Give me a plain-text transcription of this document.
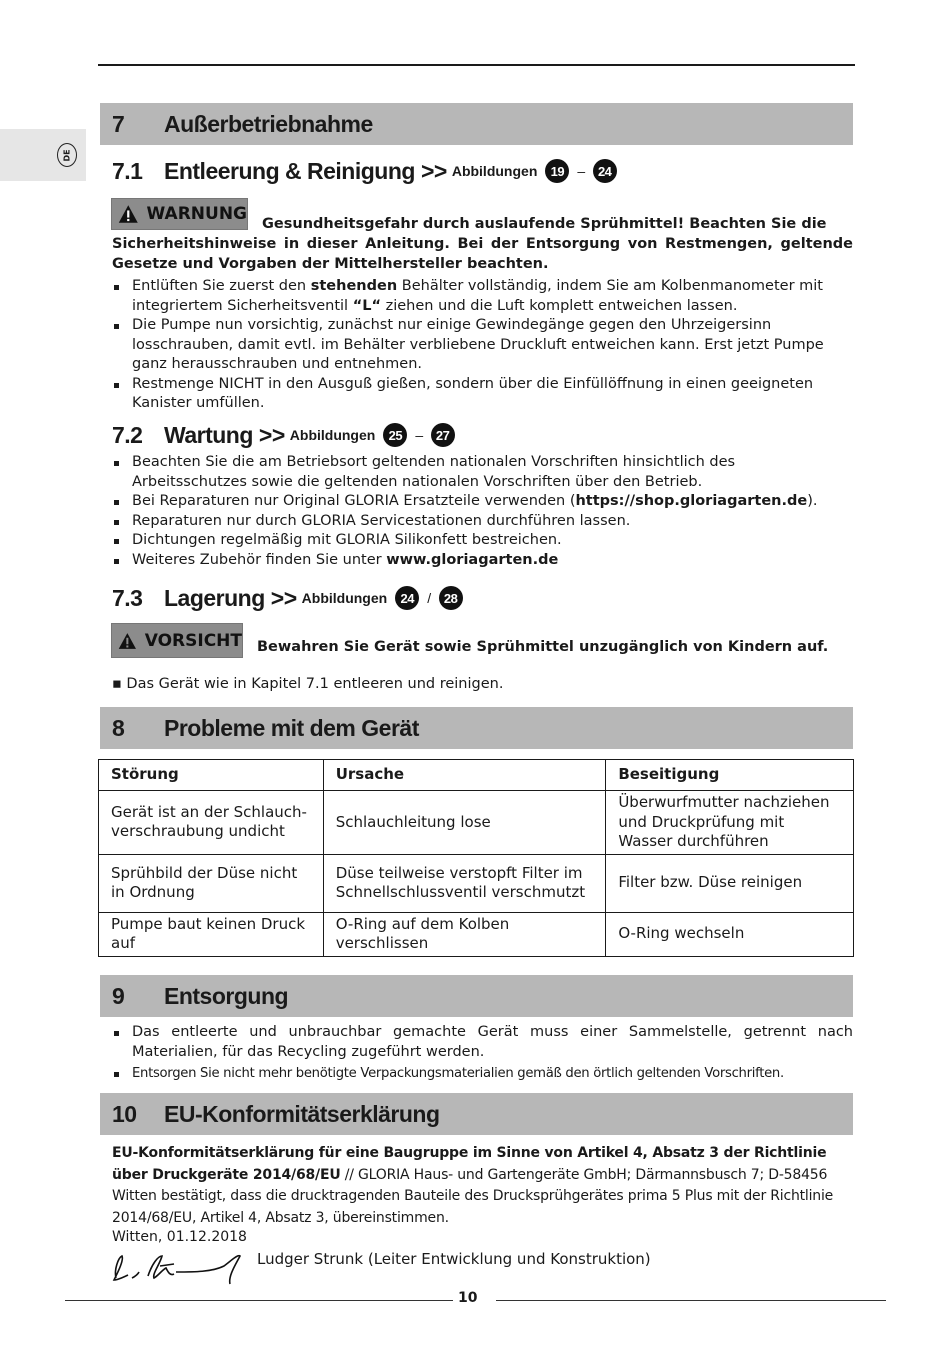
DE
7 Außerbetriebnahme
7.1 Entleerung & Reinigung >> Abbildungen	19 –	24
WARNUNG Gesundheitsgefahr durch auslaufende Sprühmittel! Beachten Sie die
Sicherheitshinweise in dieser Anleitung. Bei der Entsorgung von Restmengen, geltende Gesetze und Vorgaben der Mittelhersteller beachten.
Entlüften Sie zuerst den stehenden Behälter vollständig, indem Sie am Kolbenmanometer mit integriertem Sicherheitsventil “L“ ziehen und die Luft komplett entweichen lassen.
Die Pumpe nun vorsichtig, zunächst nur einige Gewindegänge gegen den Uhrzeigersinn losschrauben, damit evtl. im Behälter verbliebene Druckluft entweichen kann. Erst jetzt Pumpe ganz herausschrauben und entnehmen.
Restmenge NICHT in den Ausguß gießen, sondern über die Einfüllöffnung in einen geeigneten Kanister umfüllen.
7.2 Wartung >> Abbildungen	25 –	27
Beachten Sie die am Betriebsort geltenden nationalen Vorschriften hinsichtlich des Arbeitsschutzes sowie die geltenden nationalen Vorschriften über den Betrieb.
Bei Reparaturen nur Original GLORIA Ersatzteile verwenden (https://shop.gloriagarten.de).
Reparaturen nur durch GLORIA Servicestationen durchführen lassen.
Dichtungen regelmäßig mit GLORIA Silikonfett bestreichen.
Weiteres Zubehör finden Sie unter www.gloriagarten.de
7.3 Lagerung >> Abbildungen	24 /	28
VORSICHT Bewahren Sie Gerät sowie Sprühmittel unzugänglich von Kindern auf.
▪ Das Gerät wie in Kapitel 7.1 entleeren und reinigen.
8 Probleme mit dem Gerät
Störung	Ursache	Beseitigung
Gerät ist an der Schlauch-verschraubung undicht	Schlauchleitung lose	Überwurfmutter nachziehen und Druckprüfung mit Wasser durchführen
Sprühbild der Düse nicht in Ordnung	Düse teilweise verstopft Filter im Schnellschlussventil verschmutzt	Filter bzw. Düse reinigen
Pumpe baut keinen Druck auf	O-Ring auf dem Kolben verschlissen	O-Ring wechseln
9 Entsorgung
Das entleerte und unbrauchbar gemachte Gerät muss einer Sammelstelle, getrennt nach Materialien, für das Recycling zugeführt werden.
Entsorgen Sie nicht mehr benötigte Verpackungsmaterialien gemäß den örtlich geltenden Vorschriften.
10 EU-Konformitätserklärung
EU-Konformitätserklärung für eine Baugruppe im Sinne von Artikel 4, Absatz 3 der Richtlinie über Druckgeräte 2014/68/EU // GLORIA Haus- und Gartengeräte GmbH; Därmannsbusch 7; D-58456 Witten bestätigt, dass die drucktragenden Bauteile des Drucksprühgerätes prima 5 Plus mit der Richtlinie 2014/68/EU, Artikel 4, Absatz 3, übereinstimmen.
Witten, 01.12.2018
Ludger Strunk (Leiter Entwicklung und Konstruktion)
10
